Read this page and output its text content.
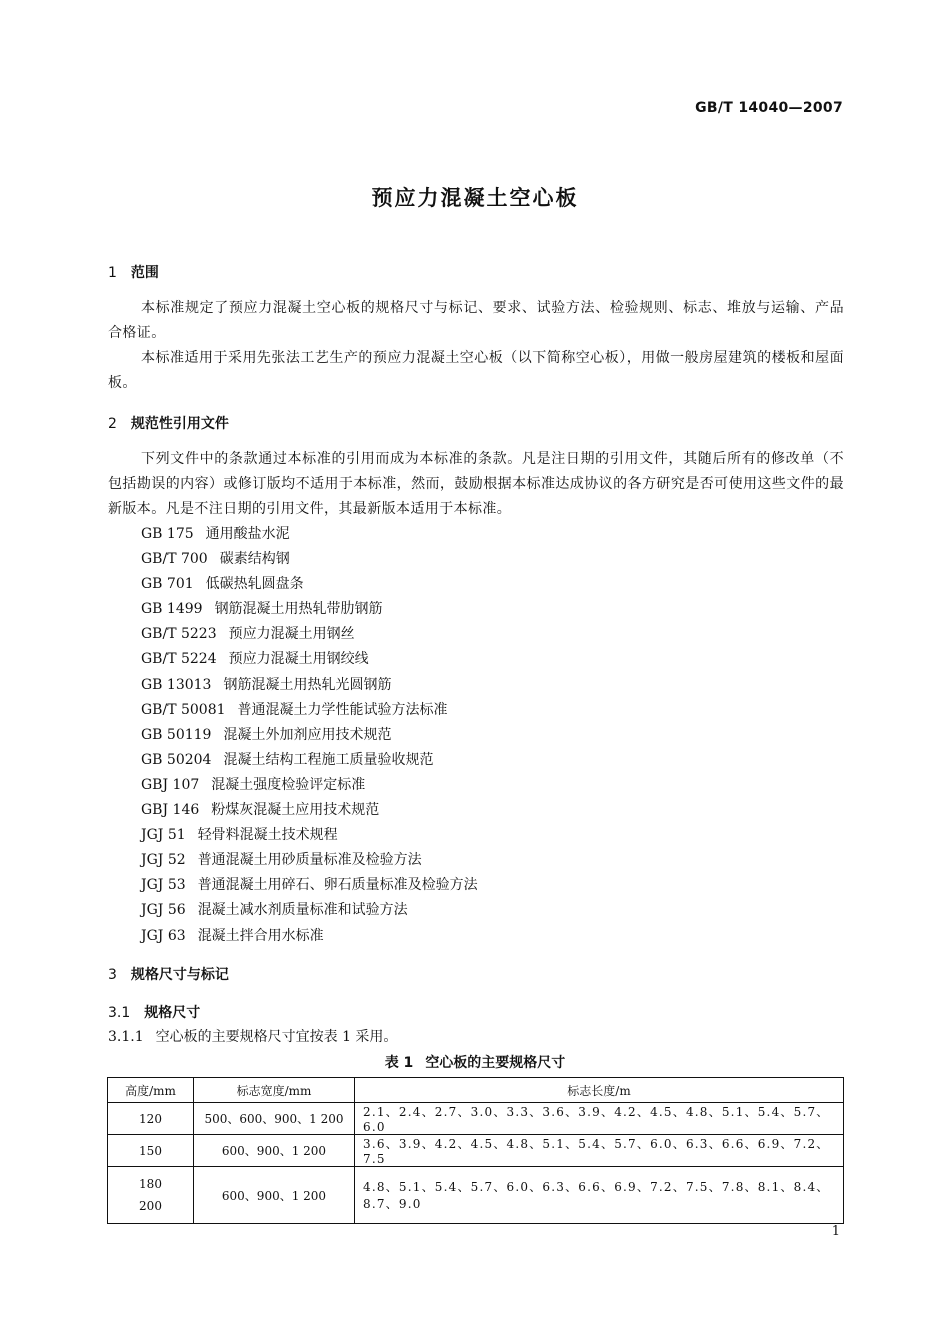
GB/T 14040—2007
预应力混凝土空心板
1 范围
本标准规定了预应力混凝土空心板的规格尺寸与标记、要求、试验方法、检验规则、标志、堆放与运输、产品合格证。
本标准适用于采用先张法工艺生产的预应力混凝土空心板（以下简称空心板），用做一般房屋建筑的楼板和屋面板。
2 规范性引用文件
下列文件中的条款通过本标准的引用而成为本标准的条款。凡是注日期的引用文件，其随后所有的修改单（不包括勘误的内容）或修订版均不适用于本标准，然而，鼓励根据本标准达成协议的各方研究是否可使用这些文件的最新版本。凡是不注日期的引用文件，其最新版本适用于本标准。
GB 175 通用酸盐水泥
GB/T 700 碳素结构钢
GB 701 低碳热轧圆盘条
GB 1499 钢筋混凝土用热轧带肋钢筋
GB/T 5223 预应力混凝土用钢丝
GB/T 5224 预应力混凝土用钢绞线
GB 13013 钢筋混凝土用热轧光圆钢筋
GB/T 50081 普通混凝土力学性能试验方法标准
GB 50119 混凝土外加剂应用技术规范
GB 50204 混凝土结构工程施工质量验收规范
GBJ 107 混凝土强度检验评定标准
GBJ 146 粉煤灰混凝土应用技术规范
JGJ 51 轻骨料混凝土技术规程
JGJ 52 普通混凝土用砂质量标准及检验方法
JGJ 53 普通混凝土用碎石、卵石质量标准及检验方法
JGJ 56 混凝土减水剂质量标准和试验方法
JGJ 63 混凝土拌合用水标准
3 规格尺寸与标记
3.1 规格尺寸
3.1.1 空心板的主要规格尺寸宜按表 1 采用。
表 1 空心板的主要规格尺寸
高度/mm	标志宽度/mm	标志长度/m
120	500、600、900、1 200	2.1、2.4、2.7、3.0、3.3、3.6、3.9、4.2、4.5、4.8、5.1、5.4、5.7、6.0
150	600、900、1 200	3.6、3.9、4.2、4.5、4.8、5.1、5.4、5.7、6.0、6.3、6.6、6.9、7.2、7.5

180
200	600、900、1 200	4.8、5.1、5.4、5.7、6.0、6.3、6.6、6.9、7.2、7.5、7.8、8.1、8.4、8.7、9.0
1
